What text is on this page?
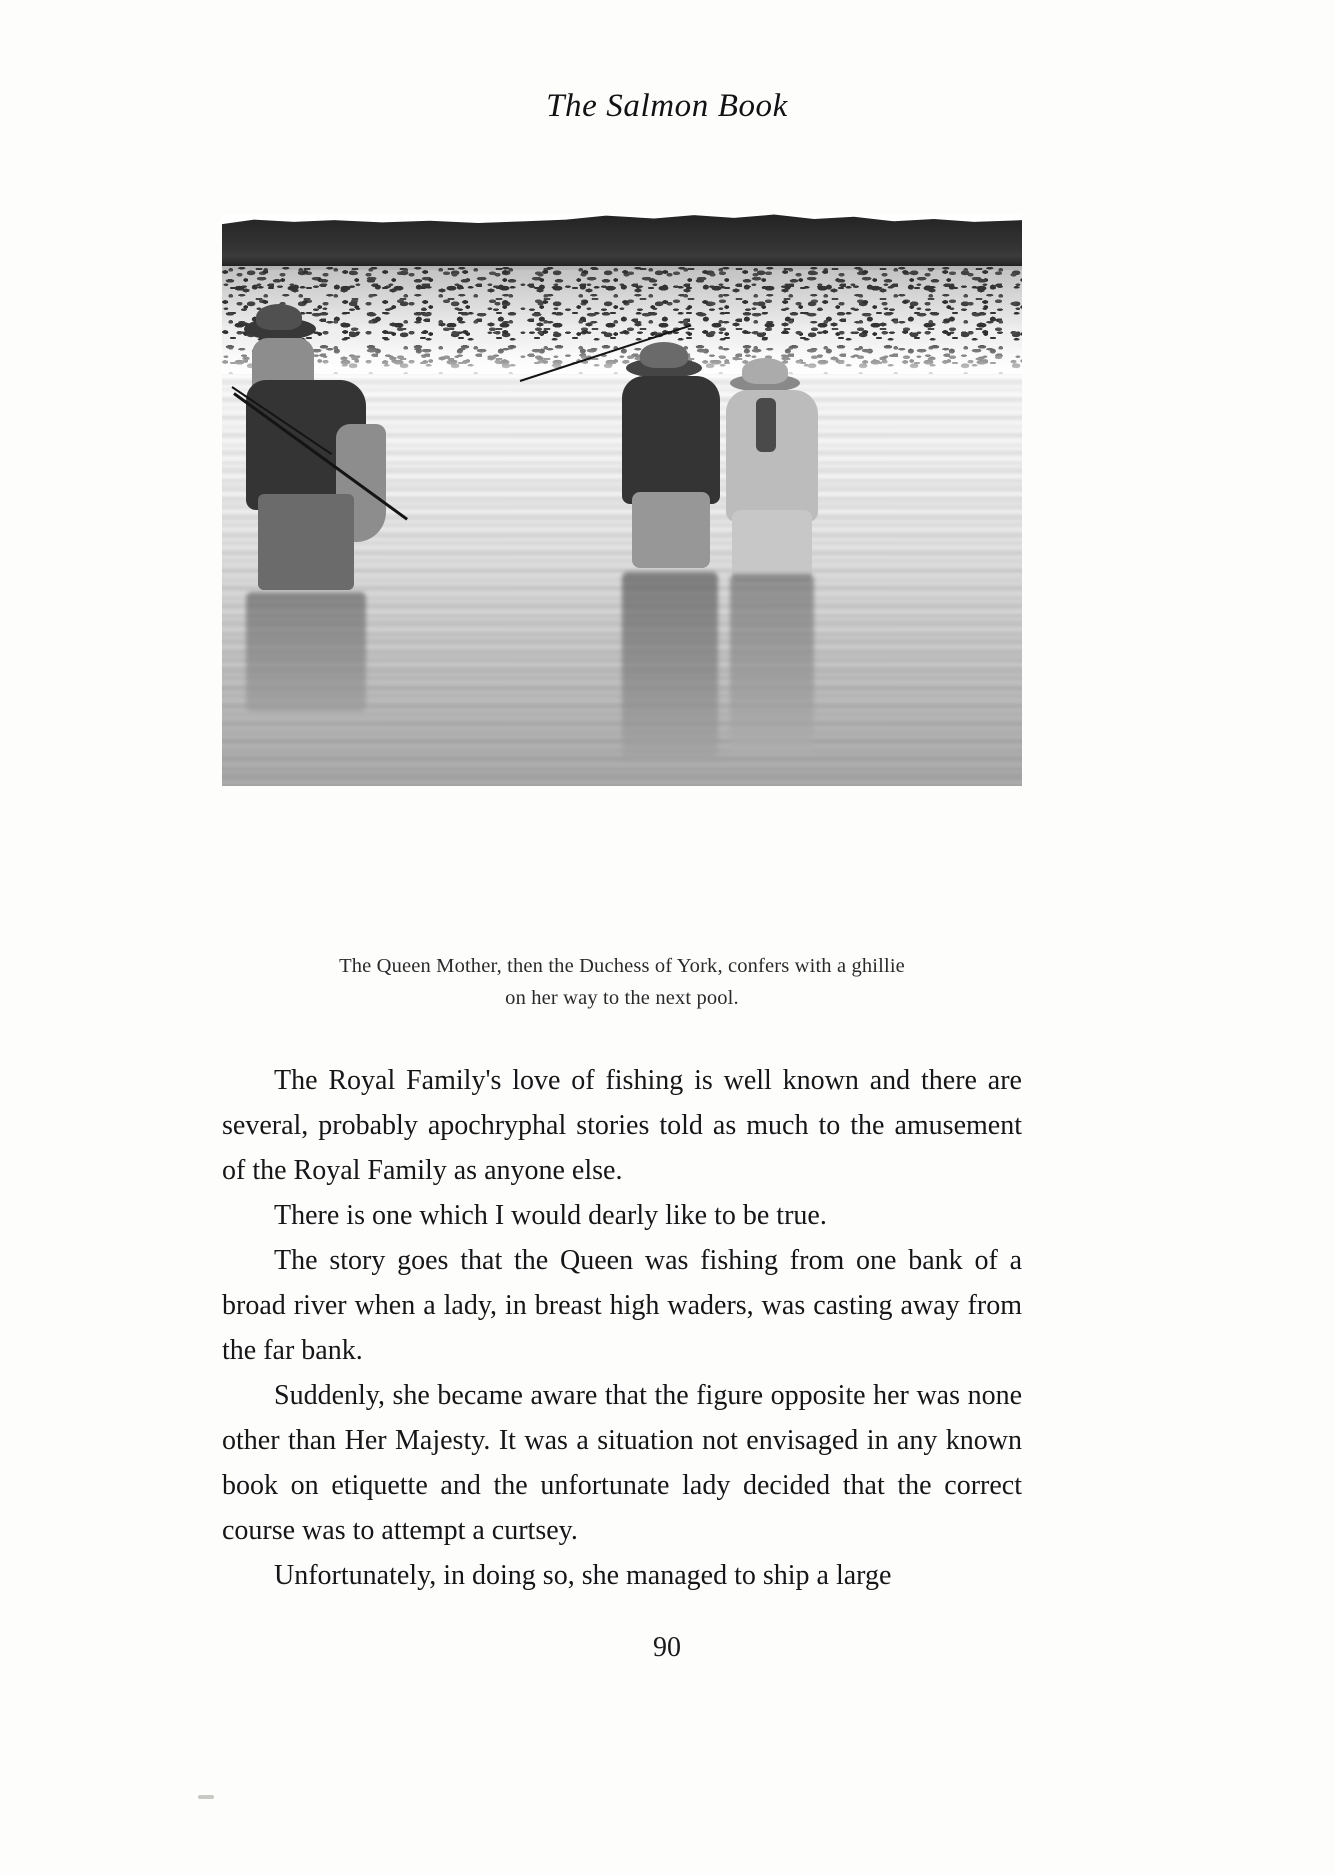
The Salmon Book
The Queen Mother, then the Duchess of York, confers with a ghillie
on her way to the next pool.

The Royal Family's love of fishing is well known and there are several, probably apochryphal stories told as much to the amusement of the Royal Family as anyone else.

There is one which I would dearly like to be true.

The story goes that the Queen was fishing from one bank of a broad river when a lady, in breast high waders, was casting away from the far bank.

Suddenly, she became aware that the figure opposite her was none other than Her Majesty. It was a situation not envisaged in any known book on etiquette and the unfortunate lady decided that the correct course was to attempt a curtsey.

Unfortunately, in doing so, she managed to ship a large

90
